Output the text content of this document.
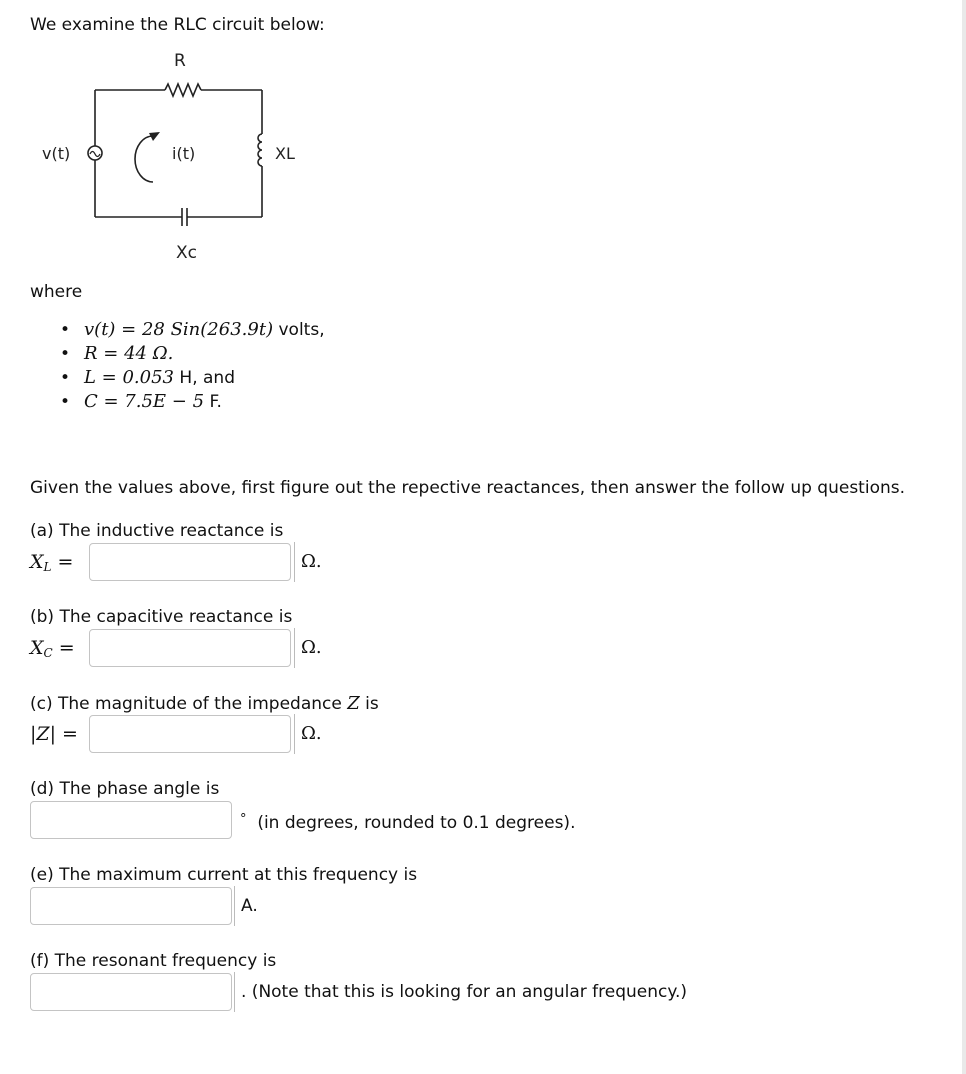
We examine the RLC circuit below:
R
v(t)	i(t)	XL
Xc
where
• v(t) = 28 Sin(263.9t) volts,
• R = 44 Ω.
• L = 0.053 H, and
• C = 7.5E − 5 F.
Given the values above, first figure out the repective reactances, then answer the follow up questions.
(a) The inductive reactance is
$X_L$ =	Ω.
(b) The capacitive reactance is
$X_C$ =	Ω.
(c) The magnitude of the impedance Z is
|Z| =	Ω.
(d) The phase angle is
° (in degrees, rounded to 0.1 degrees).
(e) The maximum current at this frequency is
A.
(f) The resonant frequency is
. (Note that this is looking for an angular frequency.)
